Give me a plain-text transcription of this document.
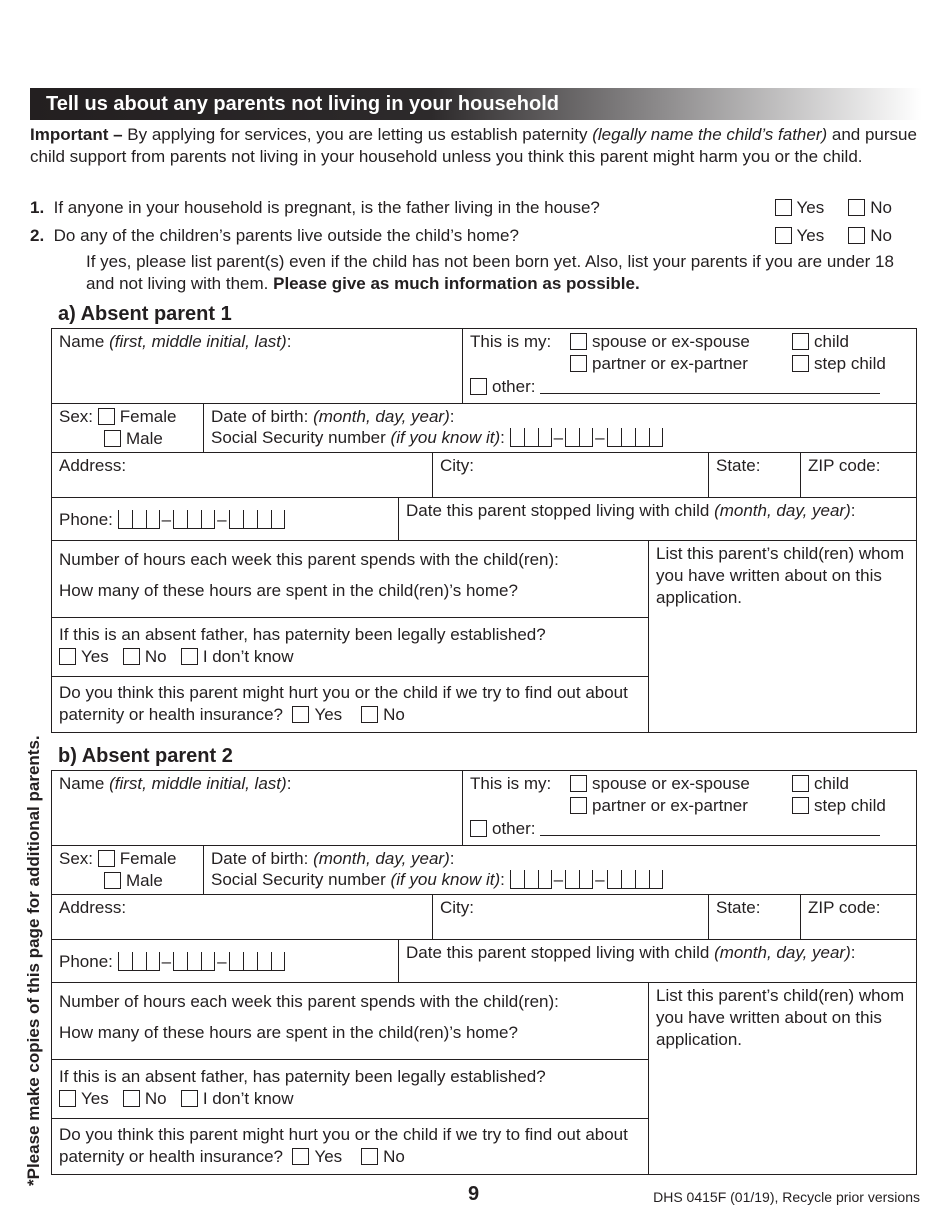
Tell us about any parents not living in your household
Important – By applying for services, you are letting us establish paternity (legally name the child’s father) and pursue child support from parents not living in your household unless you think this parent might harm you or the child.
1. If anyone in your household is pregnant, is the father living in the house?	Yes	No
2. Do any of the children’s parents live outside the child’s home?	Yes	No
If yes, please list parent(s) even if the child has not been born yet. Also, list your parents if you are under 18 and not living with them. Please give as much information as possible.
a) Absent parent 1
Name (first, middle initial, last):	This is my:	spouse or ex-spouse
partner or ex-partner
child
step child
other:
Sex: Female
Male
Date of birth: (month, day, year):
Social Security number (if you know it):	– –
Address:	City:	State:	ZIP code:
Phone:	–	–	Date this parent stopped living with child (month, day, year):
Number of hours each week this parent spends with the child(ren):
How many of these hours are spent in the child(ren)’s home?
List this parent’s child(ren) whom you have written about on this application.
If this is an absent father, has paternity been legally established?
Yes No I don’t know
Do you think this parent might hurt you or the child if we try to find out about paternity or health insurance? Yes No
b) Absent parent 2
Name (first, middle initial, last):	This is my:	spouse or ex-spouse
partner or ex-partner
child
step child
other:
Sex: Female
Male
Date of birth: (month, day, year):
Social Security number (if you know it):	– –
Address:	City:	State:	ZIP code:
Phone:	–	–	Date this parent stopped living with child (month, day, year):
Number of hours each week this parent spends with the child(ren):
How many of these hours are spent in the child(ren)’s home?
List this parent’s child(ren) whom you have written about on this application.
If this is an absent father, has paternity been legally established?
Yes No I don’t know
Do you think this parent might hurt you or the child if we try to find out about paternity or health insurance? Yes No
*Please make copies of this page for additional parents.
9	DHS 0415F (01/19), Recycle prior versions
